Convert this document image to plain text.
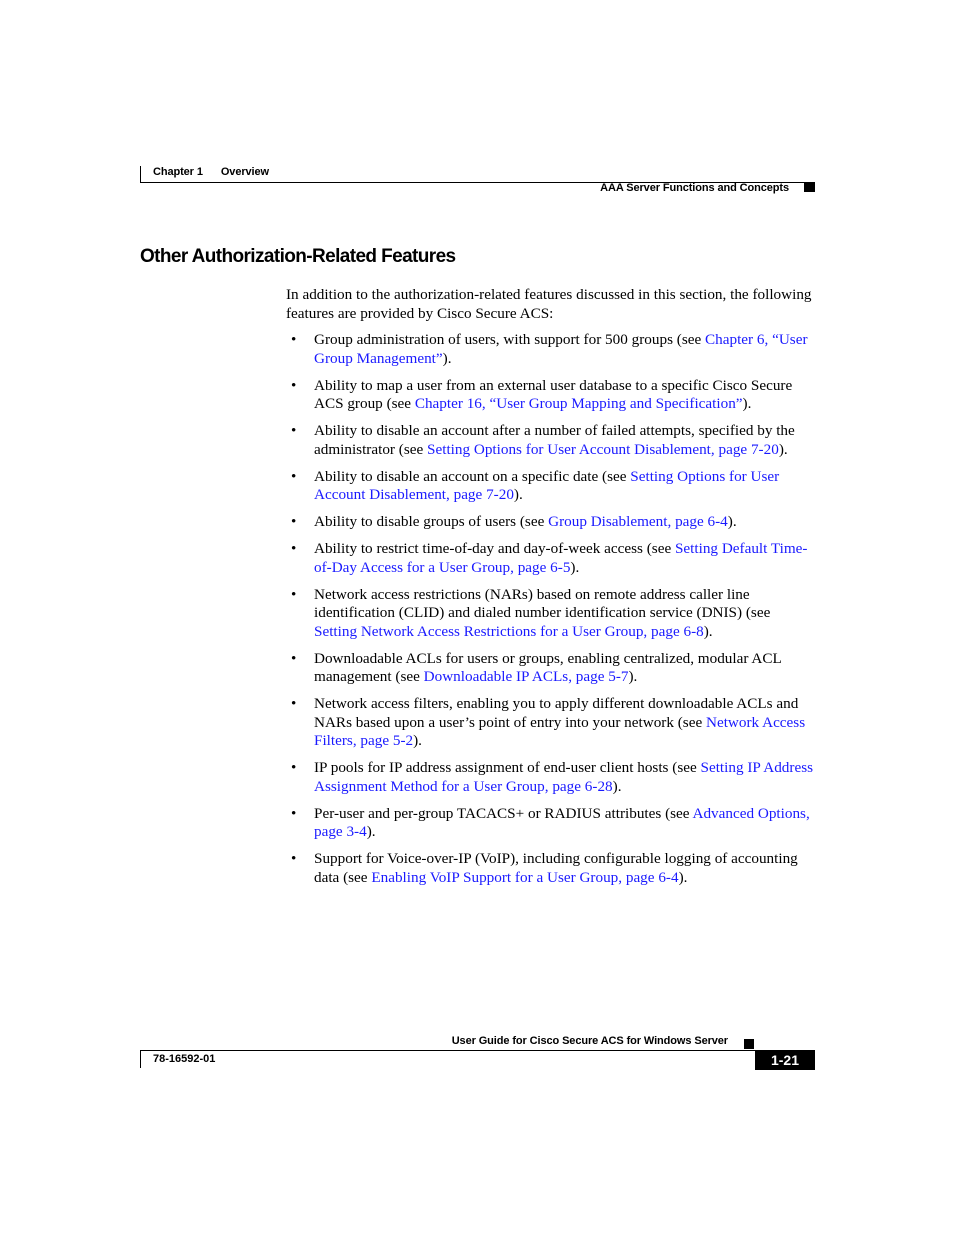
Chapter 1 Overview
AAA Server Functions and Concepts
Other Authorization-Related Features

In addition to the authorization-related features discussed in this section, the following features are provided by Cisco Secure ACS:

• Group administration of users, with support for 500 groups (see Chapter 6, “User Group Management”).
• Ability to map a user from an external user database to a specific Cisco Secure ACS group (see Chapter 16, “User Group Mapping and Specification”).
• Ability to disable an account after a number of failed attempts, specified by the administrator (see Setting Options for User Account Disablement, page 7-20).
• Ability to disable an account on a specific date (see Setting Options for User Account Disablement, page 7-20).
• Ability to disable groups of users (see Group Disablement, page 6-4).
• Ability to restrict time-of-day and day-of-week access (see Setting Default Time-of-Day Access for a User Group, page 6-5).
• Network access restrictions (NARs) based on remote address caller line identification (CLID) and dialed number identification service (DNIS) (see Setting Network Access Restrictions for a User Group, page 6-8).
• Downloadable ACLs for users or groups, enabling centralized, modular ACL management (see Downloadable IP ACLs, page 5-7).
• Network access filters, enabling you to apply different downloadable ACLs and NARs based upon a user’s point of entry into your network (see Network Access Filters, page 5-2).
• IP pools for IP address assignment of end-user client hosts (see Setting IP Address Assignment Method for a User Group, page 6-28).
• Per-user and per-group TACACS+ or RADIUS attributes (see Advanced Options, page 3-4).
• Support for Voice-over-IP (VoIP), including configurable logging of accounting data (see Enabling VoIP Support for a User Group, page 6-4).
User Guide for Cisco Secure ACS for Windows Server
78-16592-01	1-21
